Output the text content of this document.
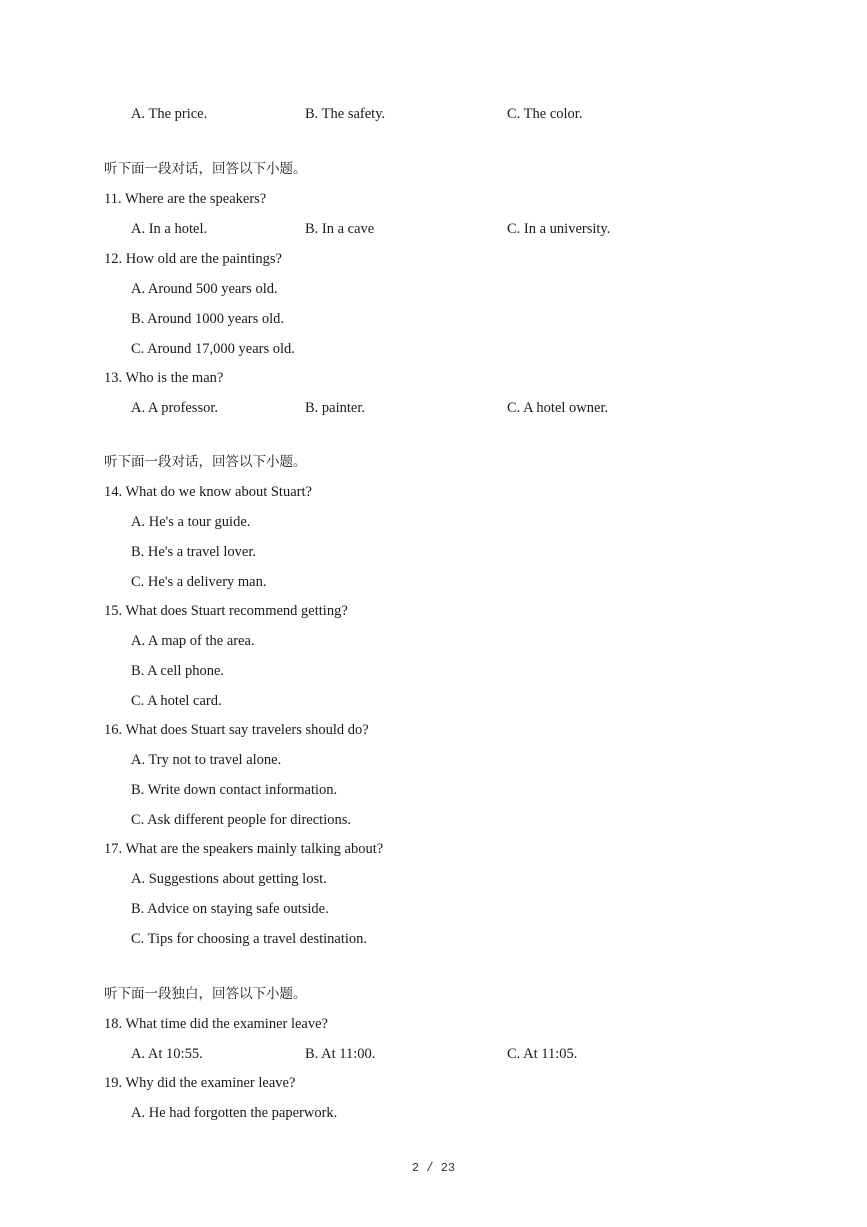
A. The price.	B. The safety.	C. The color.
听下面一段对话，回答以下小题。
11. Where are the speakers?
A. In a hotel.	B. In a cave	C. In a university.
12. How old are the paintings?
A. Around 500 years old.
B. Around 1000 years old.
C. Around 17,000 years old.
13. Who is the man?
A. A professor.	B. painter.	C. A hotel owner.
听下面一段对话，回答以下小题。
14. What do we know about Stuart?
A. He's a tour guide.
B. He's a travel lover.
C. He's a delivery man.
15. What does Stuart recommend getting?
A. A map of the area.
B. A cell phone.
C. A hotel card.
16. What does Stuart say travelers should do?
A. Try not to travel alone.
B. Write down contact information.
C. Ask different people for directions.
17. What are the speakers mainly talking about?
A. Suggestions about getting lost.
B. Advice on staying safe outside.
C. Tips for choosing a travel destination.
听下面一段独白，回答以下小题。
18. What time did the examiner leave?
A. At 10:55.	B. At 11:00.	C. At 11:05.
19. Why did the examiner leave?
A. He had forgotten the paperwork.
2 / 23
